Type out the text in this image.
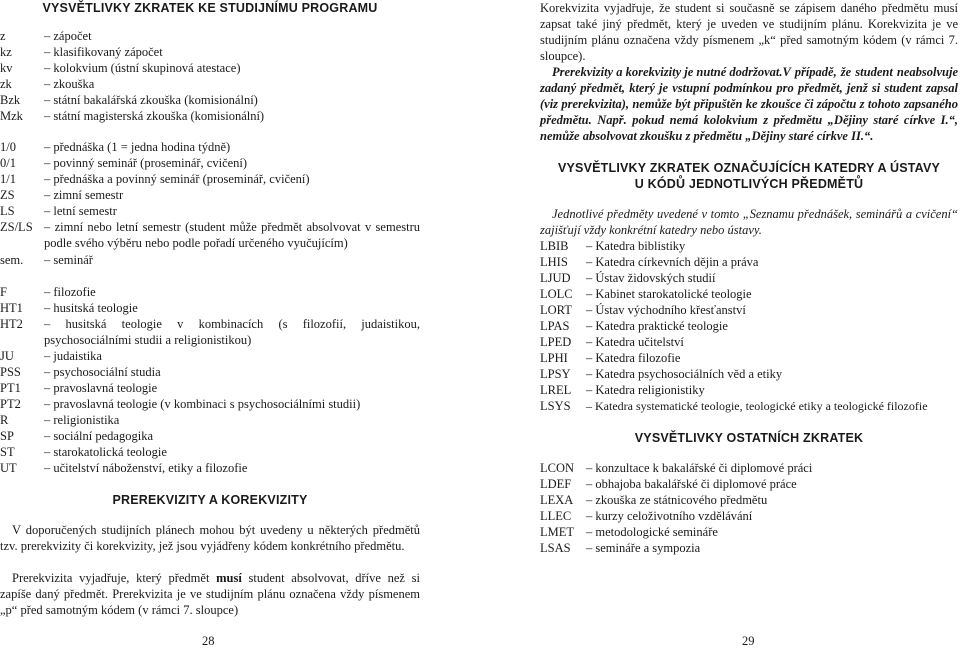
VYSVĚTLIVKY ZKRATEK KE STUDIJNÍMU PROGRAMU
z	– zápočet
kz	– klasifikovaný zápočet
kv	– kolokvium (ústní skupinová atestace)
zk	– zkouška
Bzk – státní bakalářská zkouška (komisionální)
Mzk – státní magisterská zkouška (komisionální)
1/0 – přednáška (1 = jedna hodina týdně)
0/1 – povinný seminář (proseminář, cvičení)
1/1 – přednáška a povinný seminář (proseminář, cvičení)
ZS – zimní semestr
LS – letní semestr
ZS/LS – zimní nebo letní semestr (student může předmět absolvovat v semestru podle svého výběru nebo podle pořadí určeného vyučujícím)
sem. – seminář
F	– filozofie
HT1 – husitská teologie
HT2 – husitská teologie v kombinacích (s filozofií, judaistikou, psychosociálními studii a religionistikou)
JU – judaistika
PSS – psychosociální studia
PT1 – pravoslavná teologie
PT2 – pravoslavná teologie (v kombinaci s psychosociálními studii)
R	– religionistika
SP – sociální pedagogika
ST – starokatolická teologie
UT – učitelství náboženství, etiky a filozofie
PREREKVIZITY A KOREKVIZITY
V doporučených studijních plánech mohou být uvedeny u některých předmětů tzv. prerekvizity či korekvizity, jež jsou vyjádřeny kódem konkrétního předmětu.
Prerekvizita vyjadřuje, který předmět musí student absolvovat, dříve než si zapíše daný předmět. Prerekvizita je ve studijním plánu označena vždy písmenem „p“ před samotným kódem (v rámci 7. sloupce)
28
Korekvizita vyjadřuje, že student si současně se zápisem daného předmětu musí zapsat také jiný předmět, který je uveden ve studijním plánu. Korekvizita je ve studijním plánu označena vždy písmenem „k“ před samotným kódem (v rámci 7. sloupce).
Prerekvizity a korekvizity je nutné dodržovat. V případě, že student neabsolvuje zadaný předmět, který je vstupní podmínkou pro předmět, jenž si student zapsal (viz prerekvizita), nemůže být připuštěn ke zkoušce či zápočtu z tohoto zapsaného předmětu. Např. pokud nemá kolokvium z předmětu „Dějiny staré církve I.“, nemůže absolvovat zkoušku z předmětu „Dějiny staré církve II.“.
VYSVĚTLIVKY ZKRATEK OZNAČUJÍCÍCH KATEDRY A ÚSTAVY
U KÓDŮ JEDNOTLIVÝCH PŘEDMĚTŮ
Jednotlivé předměty uvedené v tomto „Seznamu přednášek, seminářů a cvičení“ zajišťují vždy konkrétní katedry nebo ústavy.
LBIB – Katedra biblistiky
LHIS – Katedra církevních dějin a práva
LJUD – Ústav židovských studií
LOLC – Kabinet starokatolické teologie
LORT – Ústav východního křesťanství
LPAS – Katedra praktické teologie
LPED – Katedra učitelství
LPHI – Katedra filozofie
LPSY – Katedra psychosociálních věd a etiky
LREL – Katedra religionistiky
LSYS – Katedra systematické teologie, teologické etiky a teologické filozofie
VYSVĚTLIVKY OSTATNÍCH ZKRATEK
LCON – konzultace k bakalářské či diplomové práci
LDEF – obhajoba bakalářské či diplomové práce
LEXA – zkouška ze státnicového předmětu
LLEC – kurzy celoživotního vzdělávání
LMET – metodologické semináře
LSAS – semináře a sympozia
29
